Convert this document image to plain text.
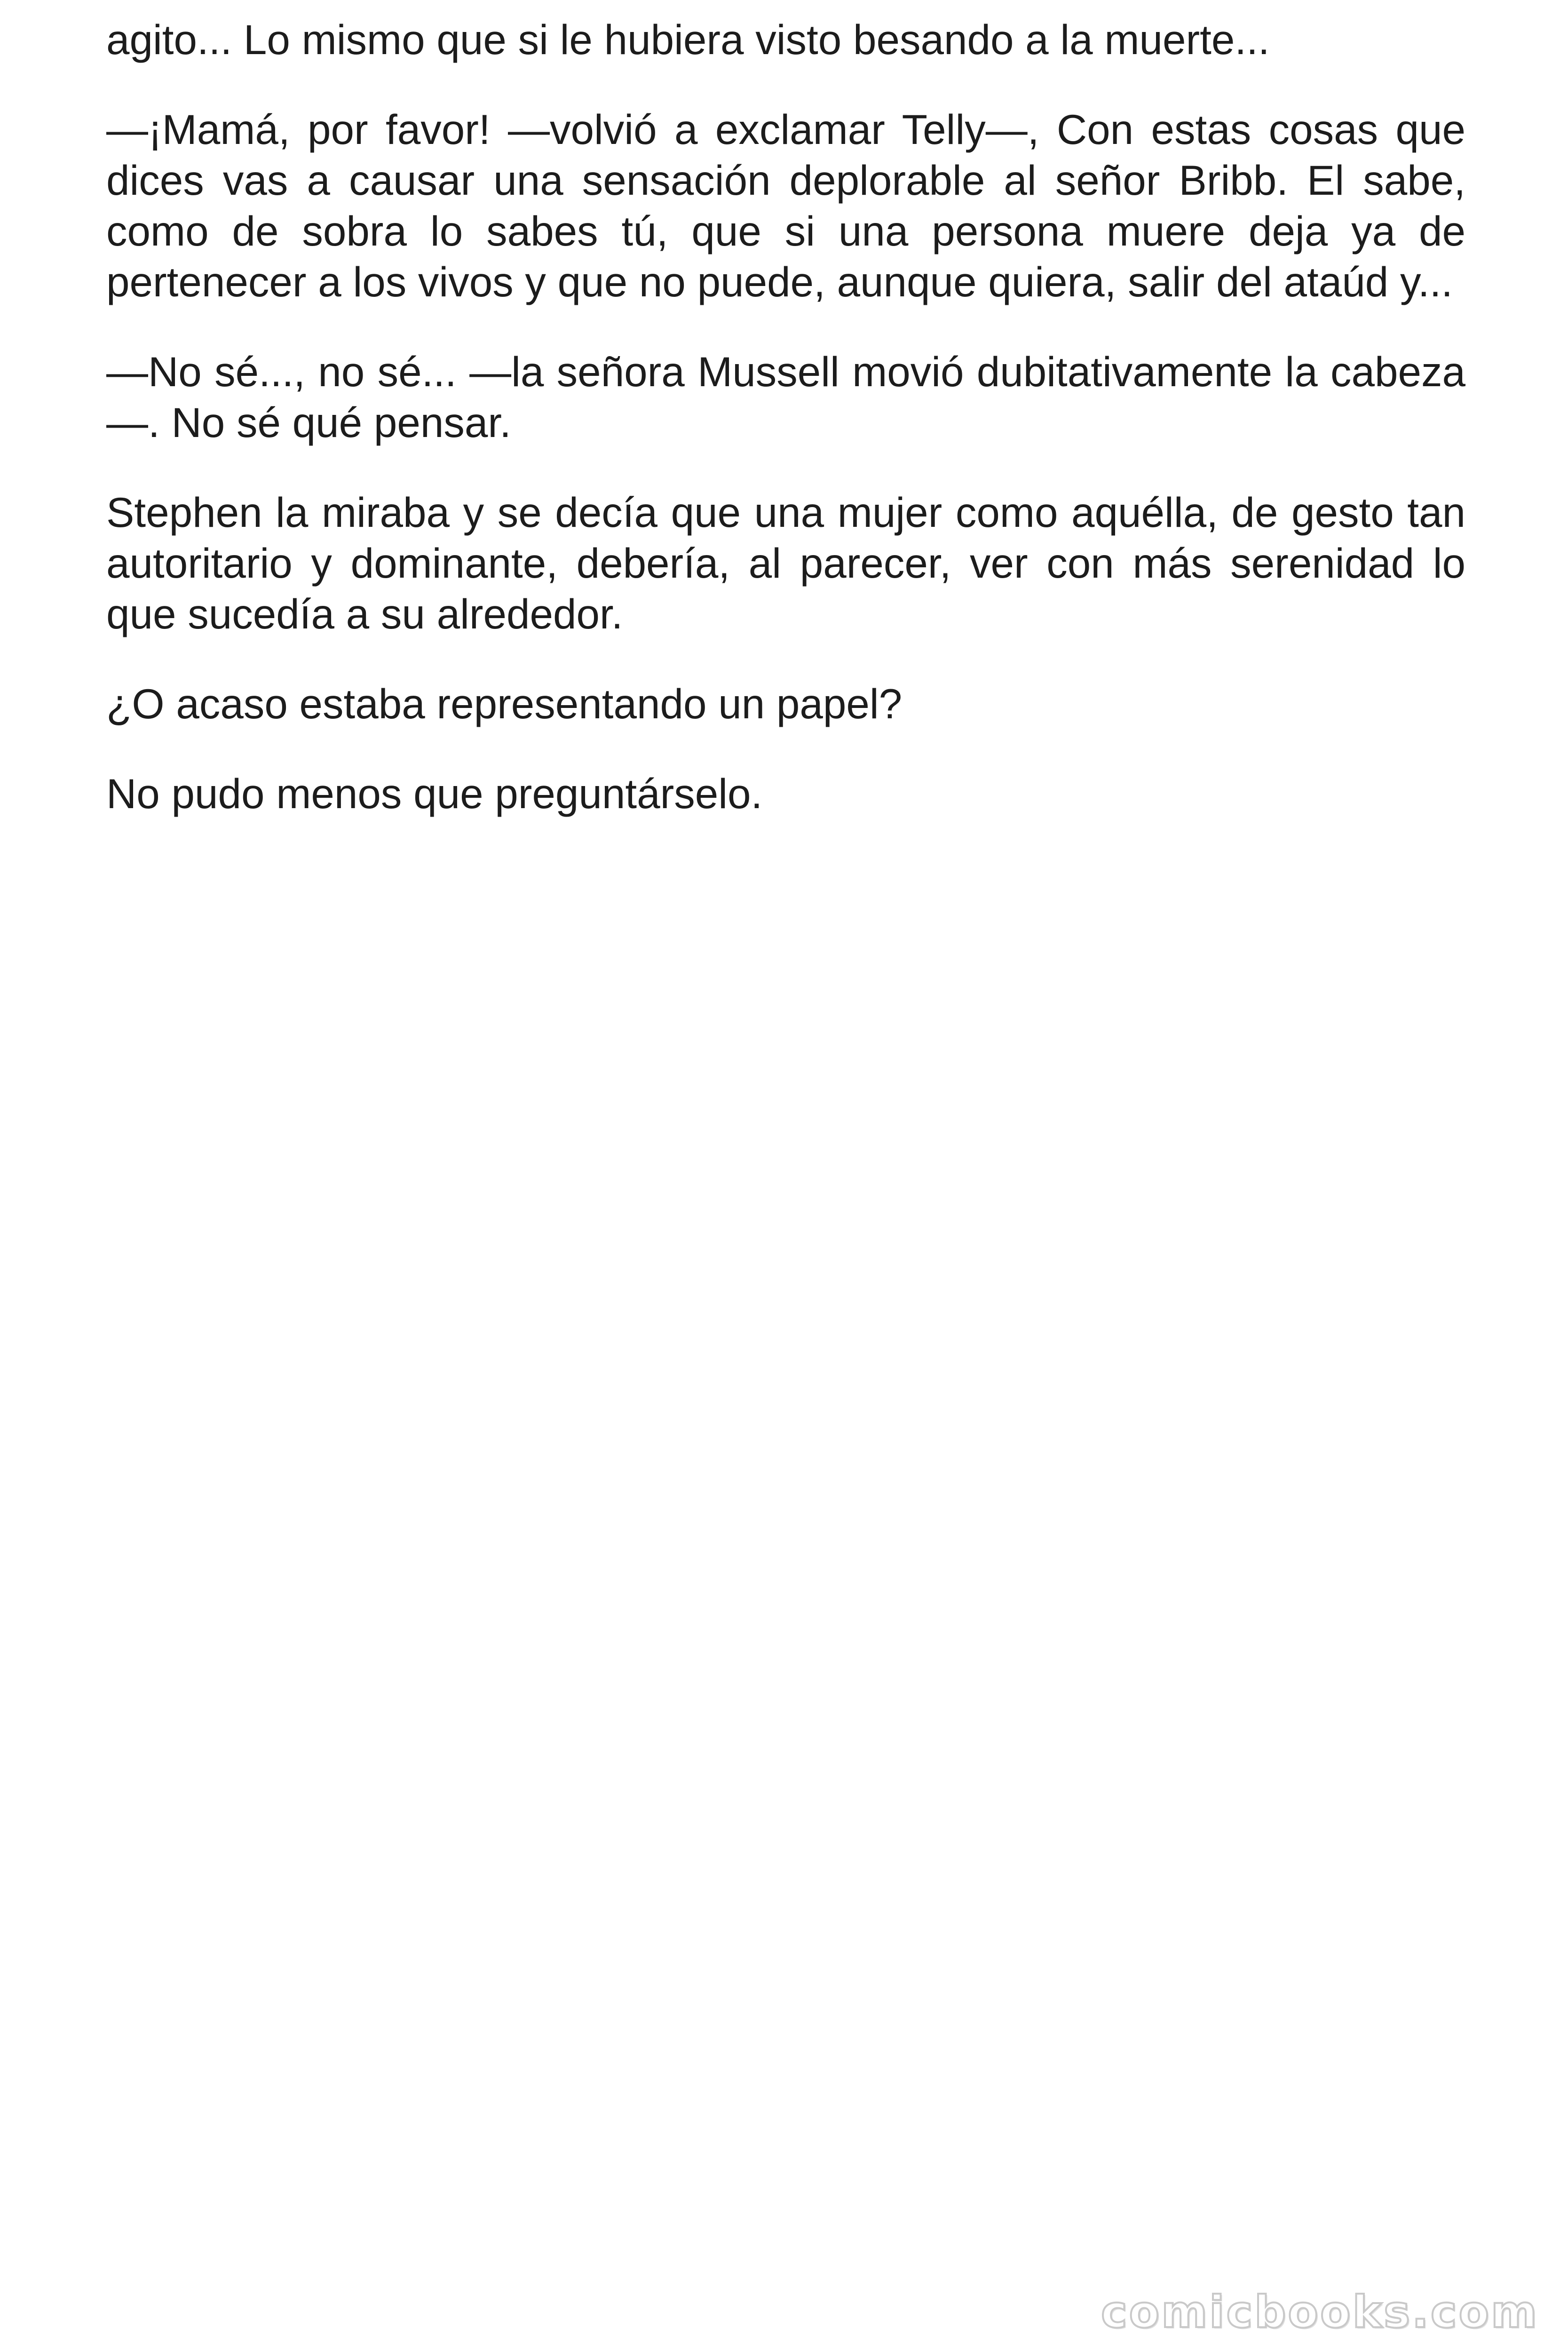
agito... Lo mismo que si le hubiera visto besando a la muerte...

—¡Mamá, por favor! —volvió a exclamar Telly—, Con estas cosas que dices vas a causar una sensación deplorable al señor Bribb. El sabe, como de sobra lo sabes tú, que si una persona muere deja ya de pertenecer a los vivos y que no puede, aunque quiera, salir del ataúd y...

—No sé..., no sé... —la señora Mussell movió dubitativamente la cabeza—. No sé qué pensar.

Stephen la miraba y se decía que una mujer como aquélla, de gesto tan autoritario y dominante, debería, al parecer, ver con más serenidad lo que sucedía a su alrededor.

¿O acaso estaba representando un papel?

No pudo menos que preguntárselo.

comicbooks.com
